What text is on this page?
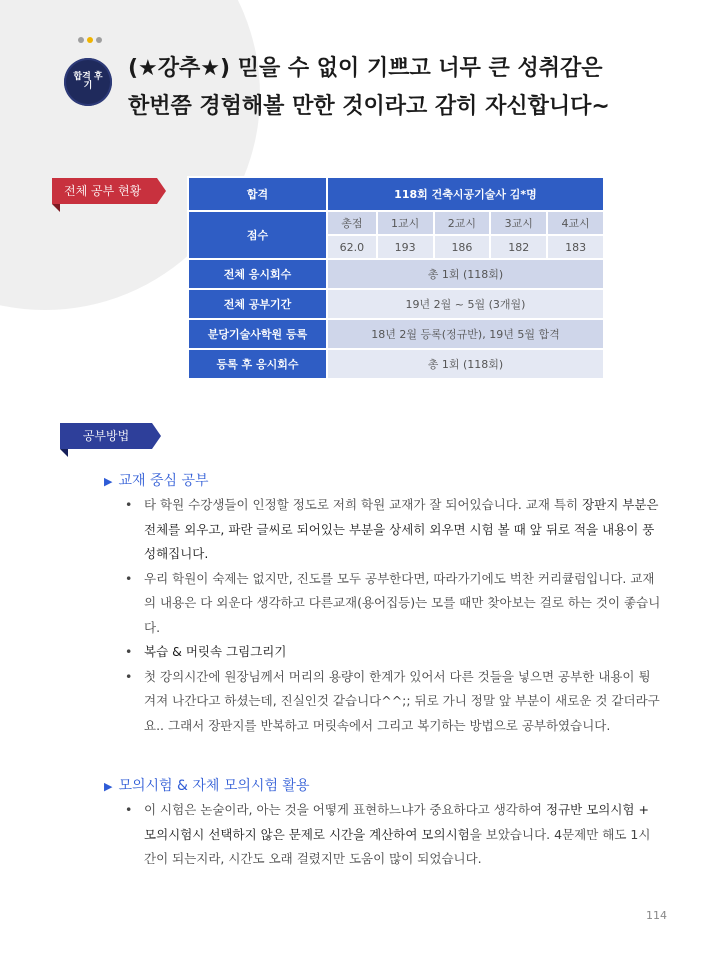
합격 후기
(★강추★) 믿을 수 없이 기쁘고 너무 큰 성취감은
한번쯤 경험해볼 만한 것이라고 감히 자신합니다~
전체 공부 현황	합격	118회 건축시공기술사 김*명				
점수	총점	1교시	2교시	3교시	4교시
	62.0	193	186	182	183
전체 응시회수	총 1회 (118회)				
전체 공부기간	19년 2월 ~ 5월 (3개월)				
분당기술사학원 등록	18년 2월 등록(정규반), 19년 5월 합격				
등록 후 응시회수	총 1회 (118회)				
공부방법
▶ 교재 중심 공부
• 타 학원 수강생들이 인정할 정도로 저희 학원 교재가 잘 되어있습니다. 교재 특히 장판지 부분은 전체를 외우고, 파란 글씨로 되어있는 부분을 상세히 외우면 시험 볼 때 앞 뒤로 적을 내용이 풍성해집니다.
• 우리 학원이 숙제는 없지만, 진도를 모두 공부한다면, 따라가기에도 벅찬 커리큘럼입니다. 교재의 내용은 다 외운다 생각하고 다른교재(용어집등)는 모를 때만 찾아보는 걸로 하는 것이 좋습니다.
• 복습 & 머릿속 그림그리기
• 첫 강의시간에 원장님께서 머리의 용량이 한계가 있어서 다른 것들을 넣으면 공부한 내용이 튕겨져 나간다고 하셨는데, 진실인것 같습니다^^;; 뒤로 가니 정말 앞 부분이 새로운 것 같더라구요.. 그래서 장판지를 반복하고 머릿속에서 그리고 복기하는 방법으로 공부하였습니다.
▶ 모의시험 & 자체 모의시험 활용
• 이 시험은 논술이라, 아는 것을 어떻게 표현하느냐가 중요하다고 생각하여 정규반 모의시험 + 모의시험시 선택하지 않은 문제로 시간을 계산하여 모의시험을 보았습니다. 4문제만 해도 1시간이 되는지라, 시간도 오래 걸렸지만 도움이 많이 되었습니다.
114
